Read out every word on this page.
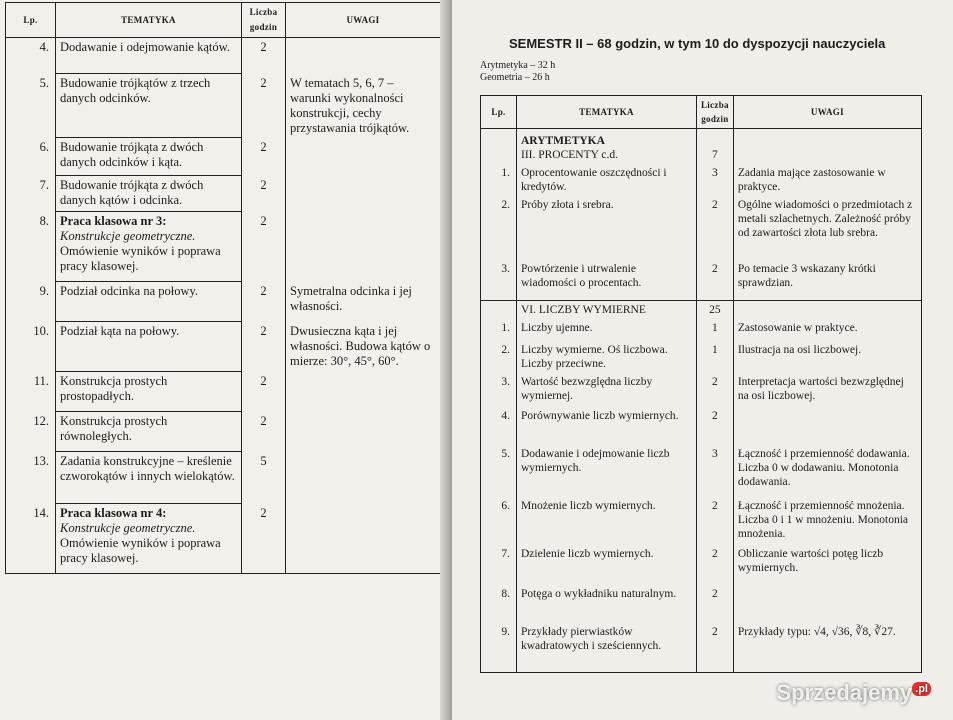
Lp.	TEMATYKA	Liczba godzin	UWAGI
4.	Dodawanie i odejmowanie kątów.	2	
5.	Budowanie trójkątów z trzech danych odcinków.	2	W tematach 5, 6, 7 – warunki wykonalności konstrukcji, cechy przystawania trójkątów.
6.	Budowanie trójkąta z dwóch danych odcinków i kąta.	2	
7.	Budowanie trójkąta z dwóch danych kątów i odcinka.	2	
8.	Praca klasowa nr 3:
Konstrukcje geometryczne.
Omówienie wyników i poprawa pracy klasowej.	2	
9.	Podział odcinka na połowy.	2	Symetralna odcinka i jej własności.
10.	Podział kąta na połowy.	2	Dwusieczna kąta i jej własności. Budowa kątów o mierze: 30°, 45°, 60°.
11.	Konstrukcja prostych prostopadłych.	2	
12.	Konstrukcja prostych równoległych.	2	
13.	Zadania konstrukcyjne – kreślenie czworokątów i innych wielokątów.	5	
14.	Praca klasowa nr 4:
Konstrukcje geometryczne.
Omówienie wyników i poprawa pracy klasowej.	2	
SEMESTR II – 68 godzin, w tym 10 do dyspozycji nauczyciela
Arytmetyka – 32 h
Geometria – 26 h
Lp.	TEMATYKA	Liczba godzin	UWAGI

	ARYTMETYKA
III. PROCENTY c.d.	7	
1.	Oprocentowanie oszczędności i kredytów.	3	Zadania mające zastosowanie w praktyce.
2.	Próby złota i srebra.	2	Ogólne wiadomości o przedmiotach z metali szlachetnych. Zależność próby od zawartości złota lub srebra.
3.	Powtórzenie i utrwalenie wiadomości o procentach.	2	Po temacie 3 wskazany krótki sprawdzian.
	VI. LICZBY WYMIERNE	25	
1.	Liczby ujemne.	1	Zastosowanie w praktyce.
2.	Liczby wymierne. Oś liczbowa. Liczby przeciwne.	1	Ilustracja na osi liczbowej.
3.	Wartość bezwzględna liczby wymiernej.	2	Interpretacja wartości bezwzględnej na osi liczbowej.
4.	Porównywanie liczb wymiernych.	2	
5.	Dodawanie i odejmowanie liczb wymiernych.	3	Łączność i przemienność dodawania. Liczba 0 w dodawaniu. Monotonia dodawania.
6.	Mnożenie liczb wymiernych.	2	Łączność i przemienność mnożenia. Liczba 0 i 1 w mnożeniu. Monotonia mnożenia.
7.	Dzielenie liczb wymiernych.	2	Obliczanie wartości potęg liczb wymiernych.
8.	Potęga o wykładniku naturalnym.	2	
9.	Przykłady pierwiastków kwadratowych i sześciennych.	2	Przykłady typu: √4, √36, ∛8, ∛27.
Sprzedajemy $^{.pl}$
